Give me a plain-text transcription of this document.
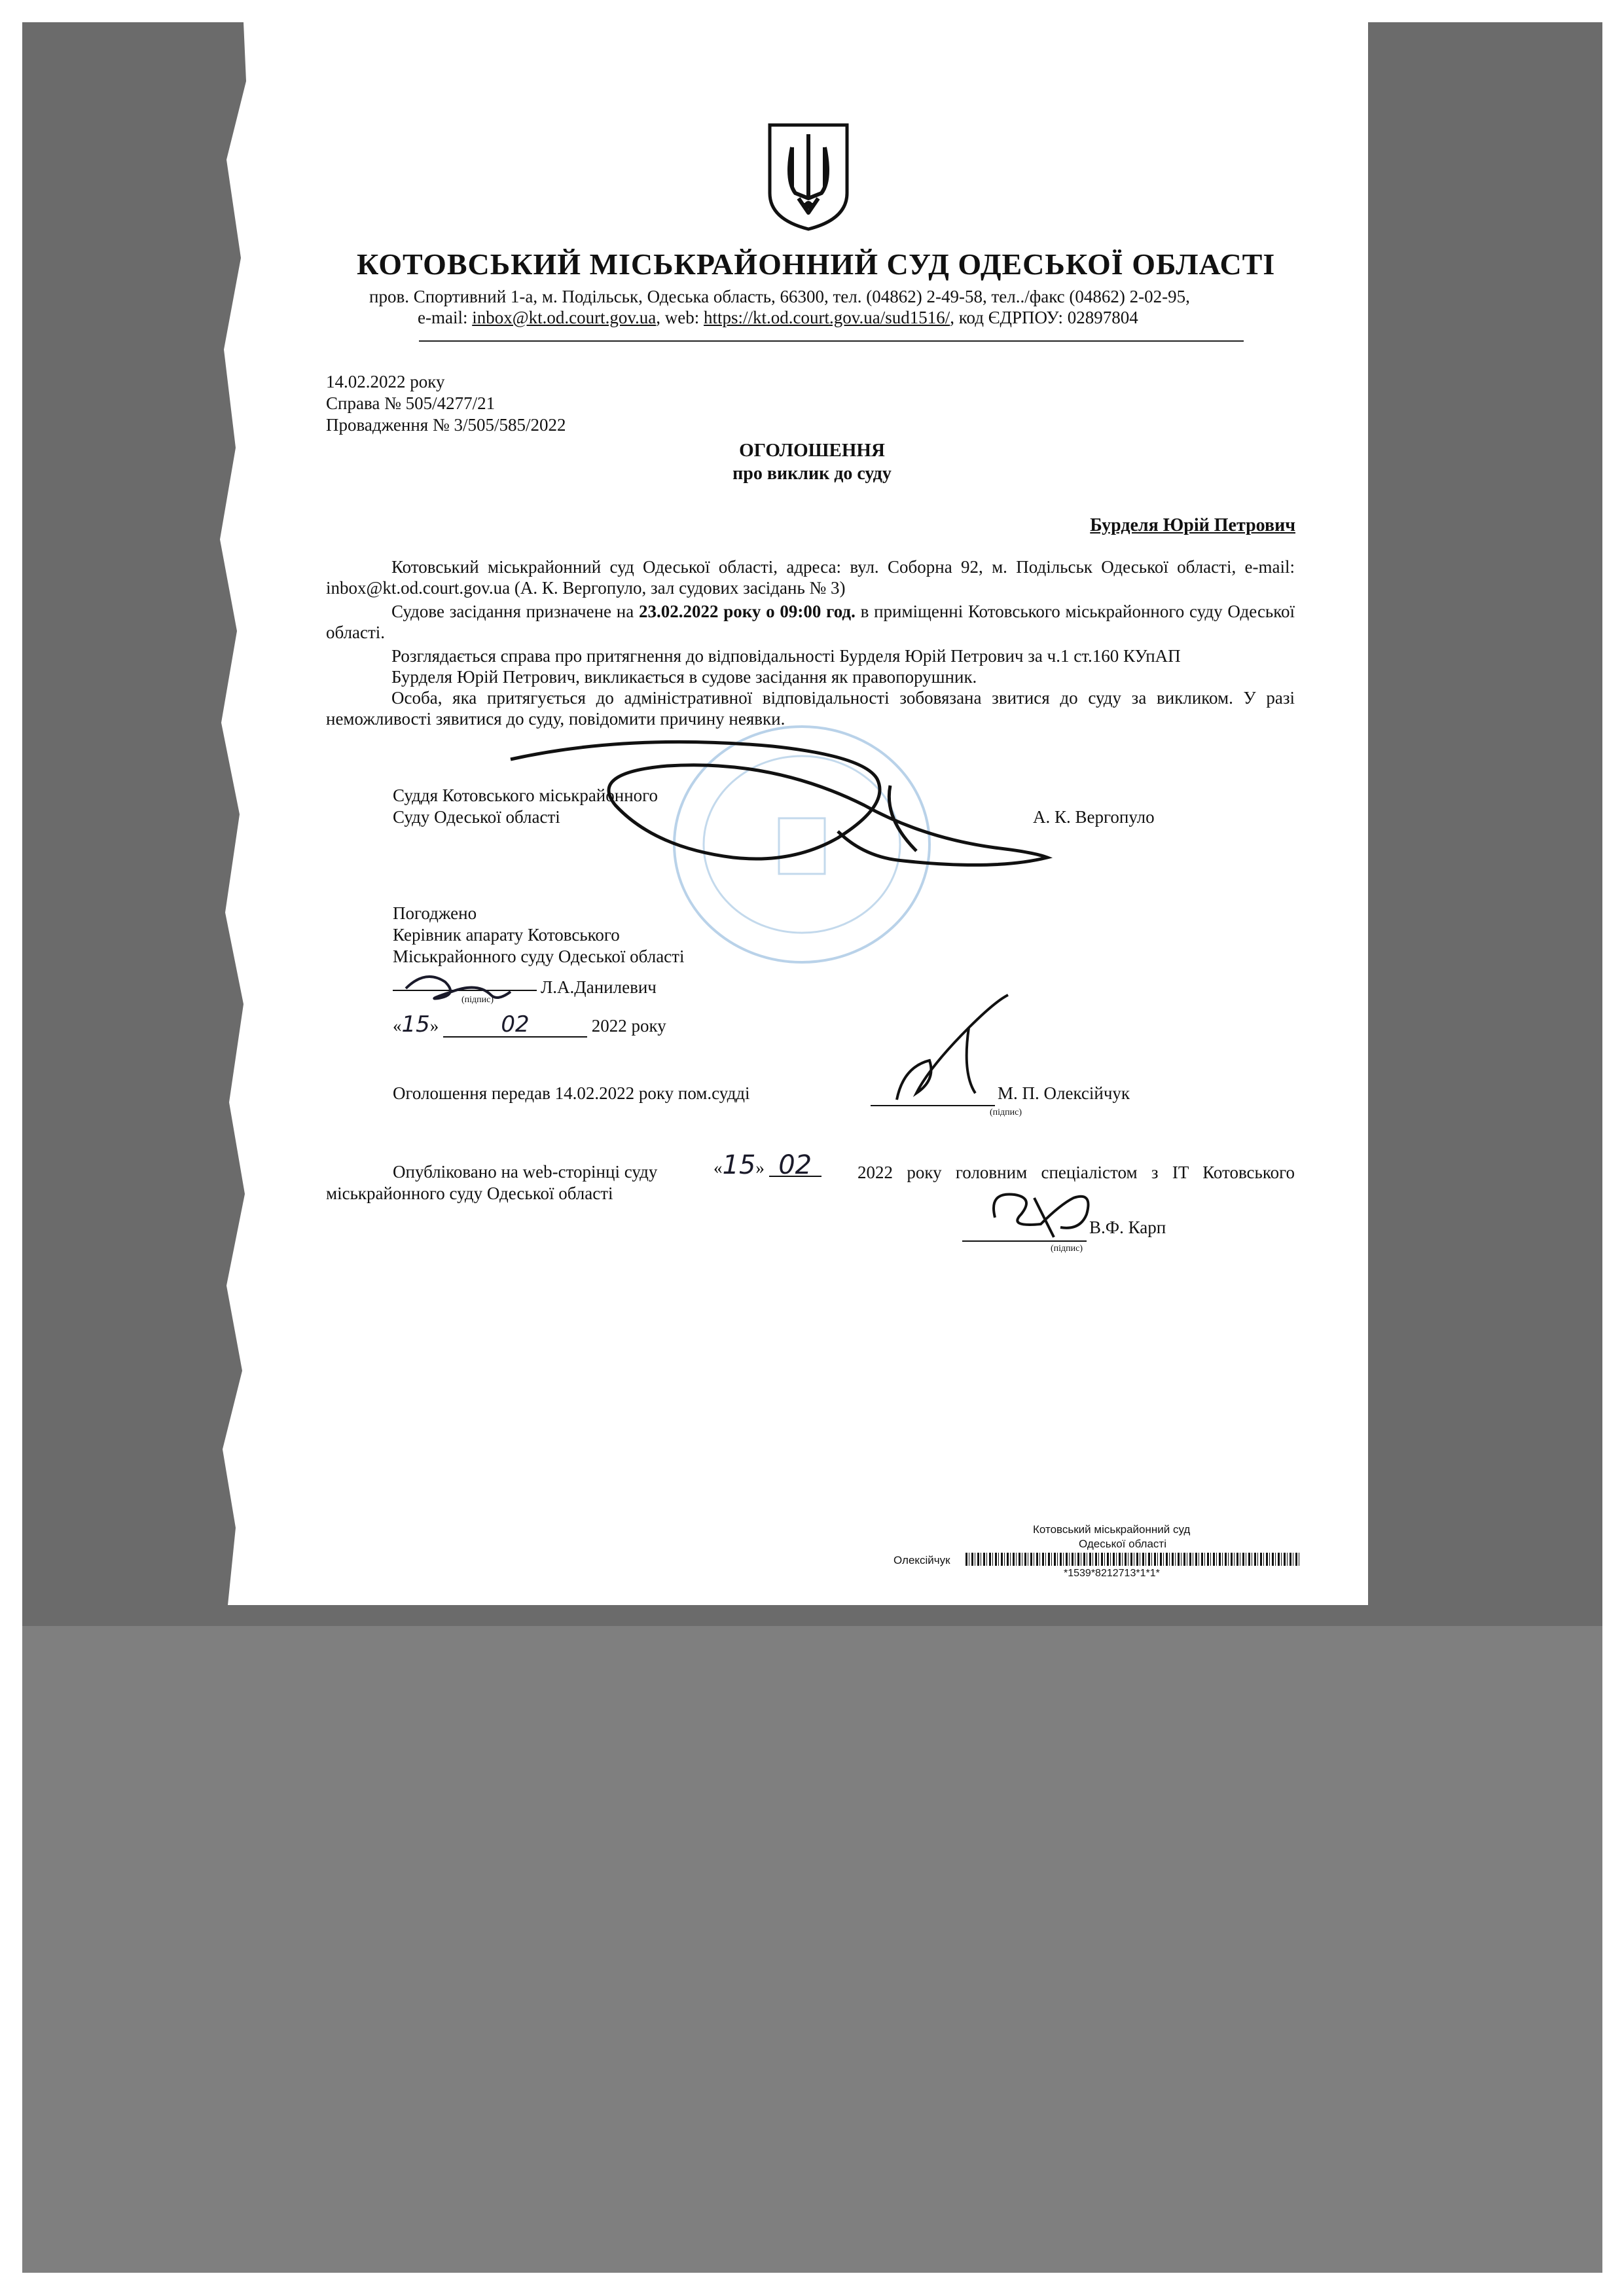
КОТОВСЬКИЙ МІСЬКРАЙОННИЙ СУД ОДЕСЬКОЇ ОБЛАСТІ
пров. Спортивний 1-а, м. Подільськ, Одеська область, 66300, тел. (04862) 2-49-58, тел../факс (04862) 2-02-95,
e-mail: inbox@kt.od.court.gov.ua, web: https://kt.od.court.gov.ua/sud1516/, код ЄДРПОУ: 02897804
14.02.2022 року
Справа № 505/4277/21
Провадження № 3/505/585/2022
ОГОЛОШЕННЯ
про виклик до суду
Бурделя Юрій Петрович
Котовський міськрайонний суд Одеської області, адреса: вул. Соборна 92, м. Подільськ Одеської області, e-mail: inbox@kt.od.court.gov.ua (А. К. Вергопуло, зал судових засідань № 3)
Судове засідання призначене на 23.02.2022 року о 09:00 год. в приміщенні Котовського міськрайонного суду Одеської області.
Розглядається справа про притягнення до відповідальності Бурделя Юрій Петрович за ч.1 ст.160 КУпАП
Бурделя Юрій Петрович, викликається в судове засідання як правопорушник.
Особа, яка притягується до адміністративної відповідальності зобовязана звитися до суду за викликом. У разі неможливості зявитися до суду, повідомити причину неявки.
Суддя Котовського міськрайонного
Суду Одеської області	А. К. Вергопуло
Погоджено
Керівник апарату Котовського
Міськрайонного суду Одеської області
Л.А.Данилевич
(підпис)
«15»	02	2022 року
Оголошення передав 14.02.2022 року пом.судді	М. П. Олексійчук
(підпис)
Опубліковано на web-сторінці суду	«15» 02	2022 року головним спеціалістом з IT Котовського міськрайонного суду Одеської області
В.Ф. Карп
(підпис)
Котовський міськрайонний суд
Одеської області
Олексійчук
*1539*8212713*1*1*
